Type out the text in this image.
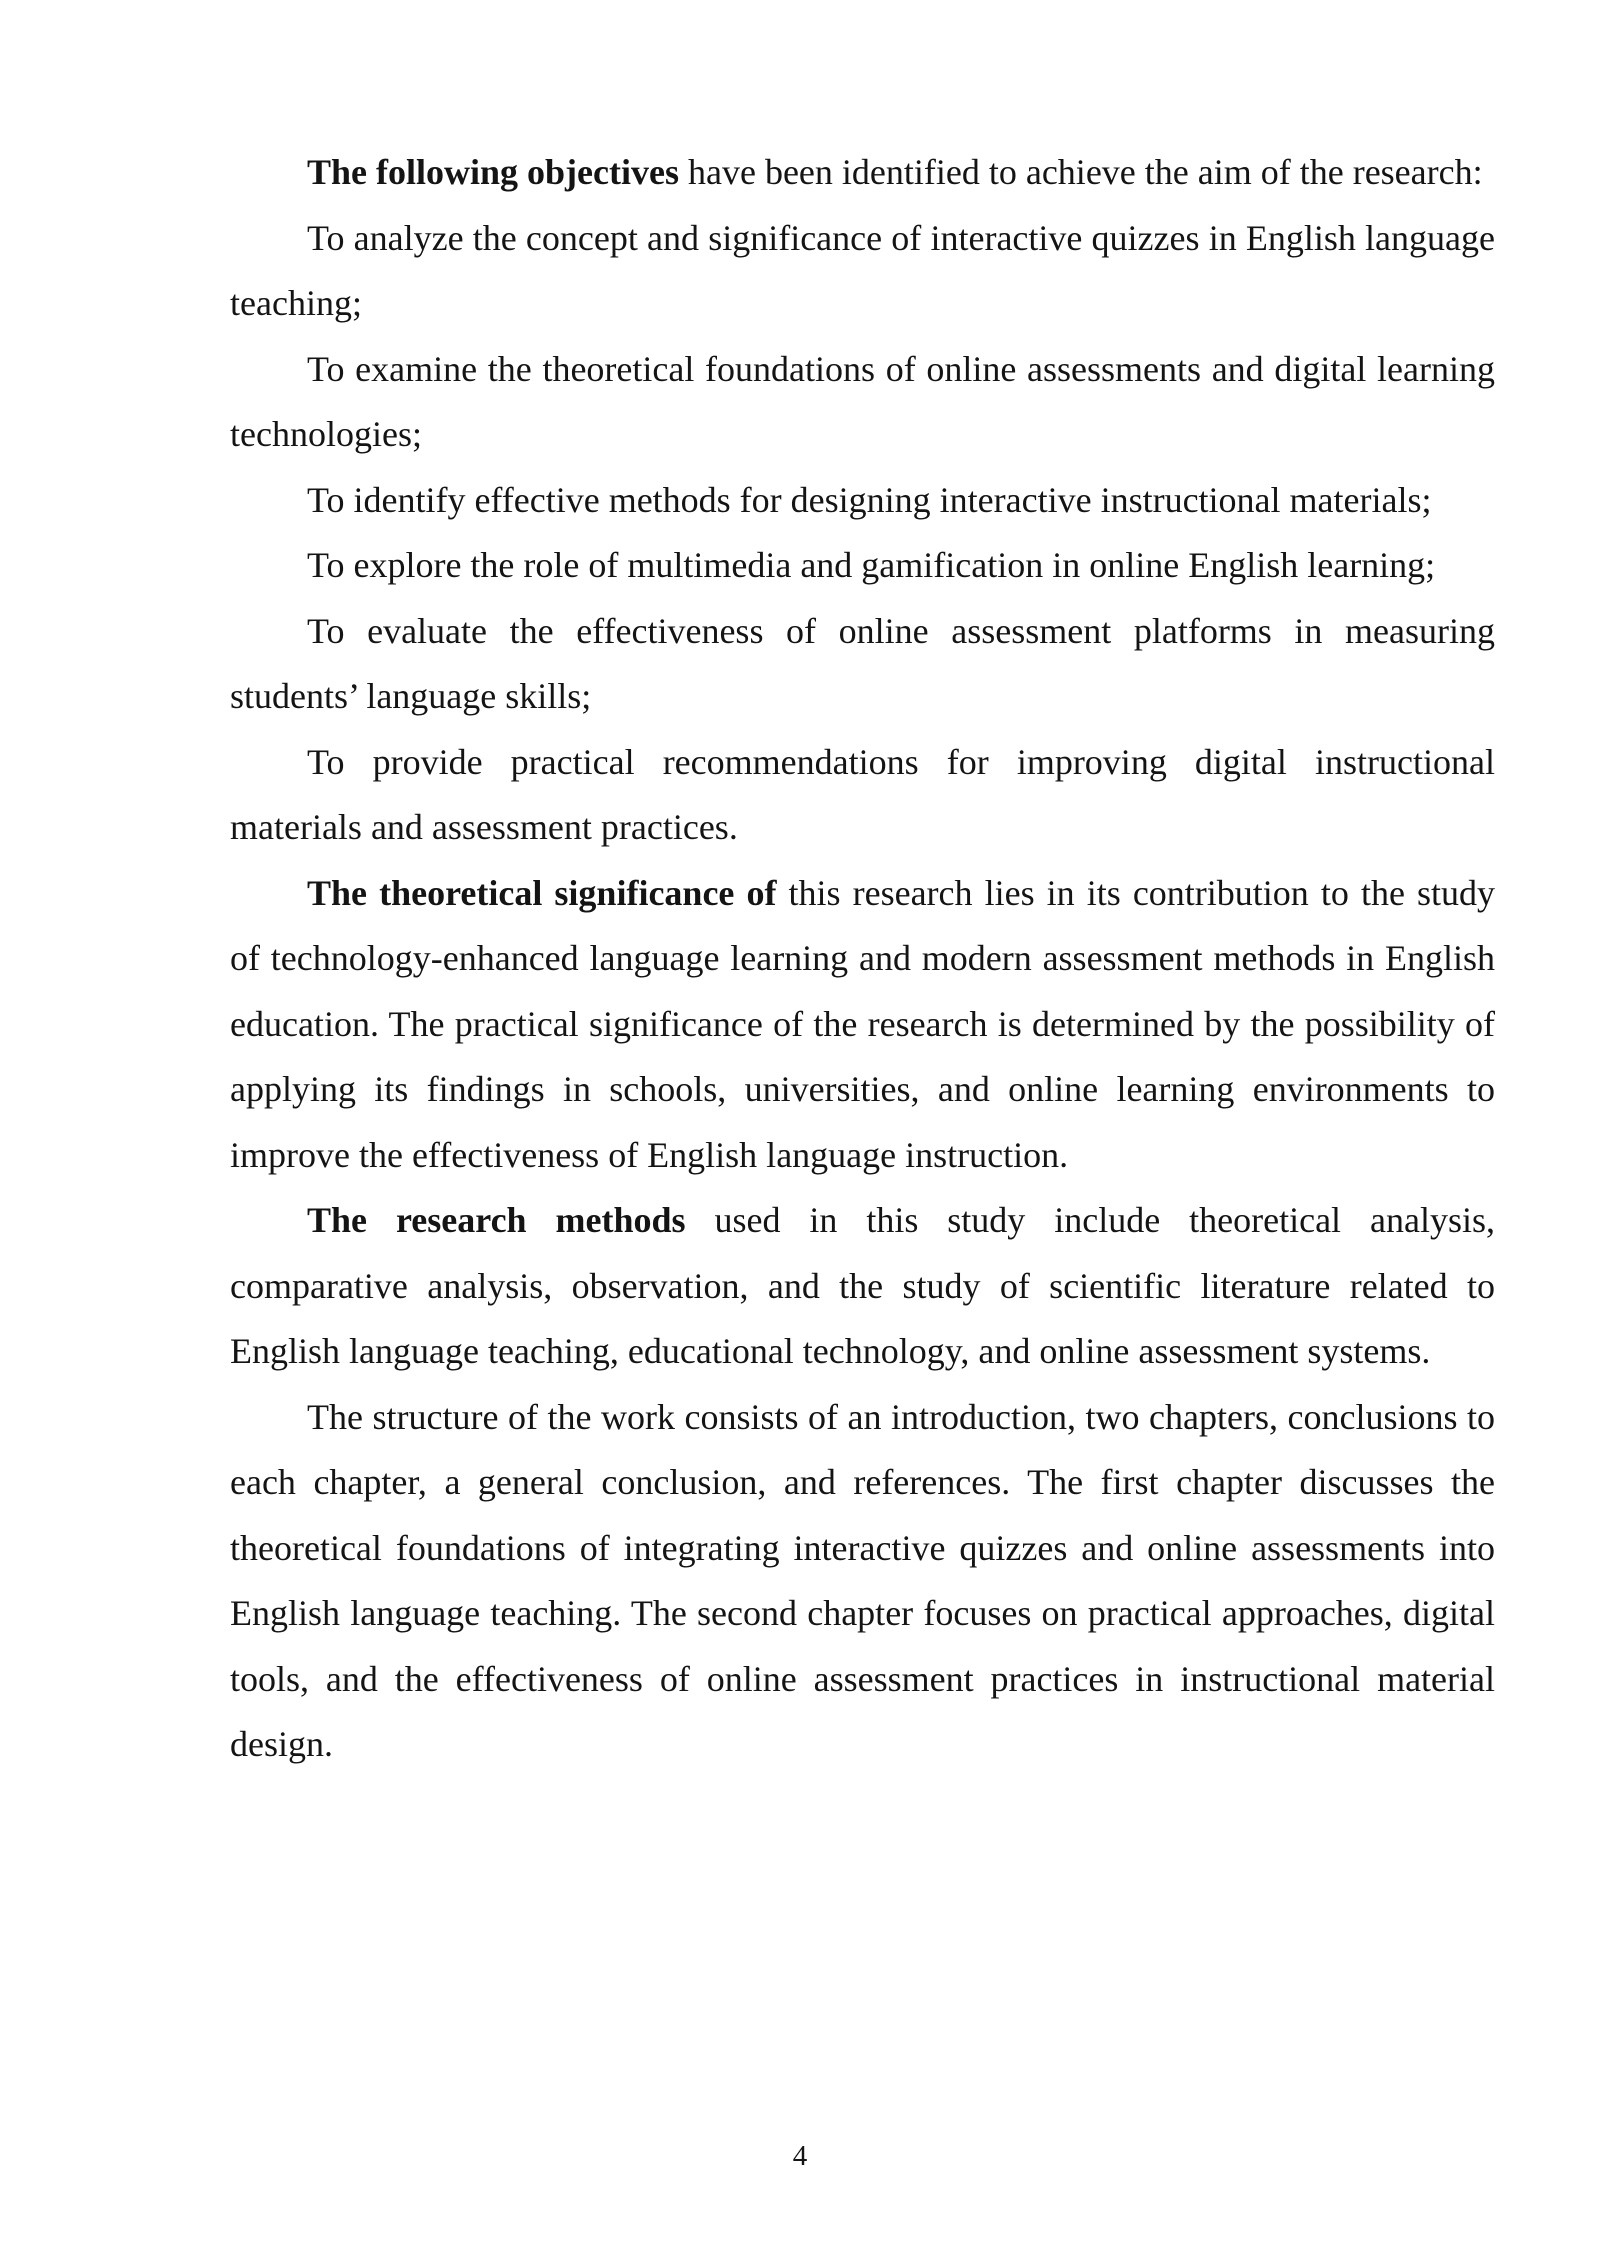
The following objectives have been identified to achieve the aim of the research:

To analyze the concept and significance of interactive quizzes in English language teaching;

To examine the theoretical foundations of online assessments and digital learning technologies;

To identify effective methods for designing interactive instructional materials;

To explore the role of multimedia and gamification in online English learning;

To evaluate the effectiveness of online assessment platforms in measuring students’ language skills;

To provide practical recommendations for improving digital instructional materials and assessment practices.

The theoretical significance of this research lies in its contribution to the study of technology-enhanced language learning and modern assessment methods in English education. The practical significance of the research is determined by the possibility of applying its findings in schools, universities, and online learning environments to improve the effectiveness of English language instruction.

The research methods used in this study include theoretical analysis, comparative analysis, observation, and the study of scientific literature related to English language teaching, educational technology, and online assessment systems.

The structure of the work consists of an introduction, two chapters, conclusions to each chapter, a general conclusion, and references. The first chapter discusses the theoretical foundations of integrating interactive quizzes and online assessments into English language teaching. The second chapter focuses on practical approaches, digital tools, and the effectiveness of online assessment practices in instructional material design.

4
